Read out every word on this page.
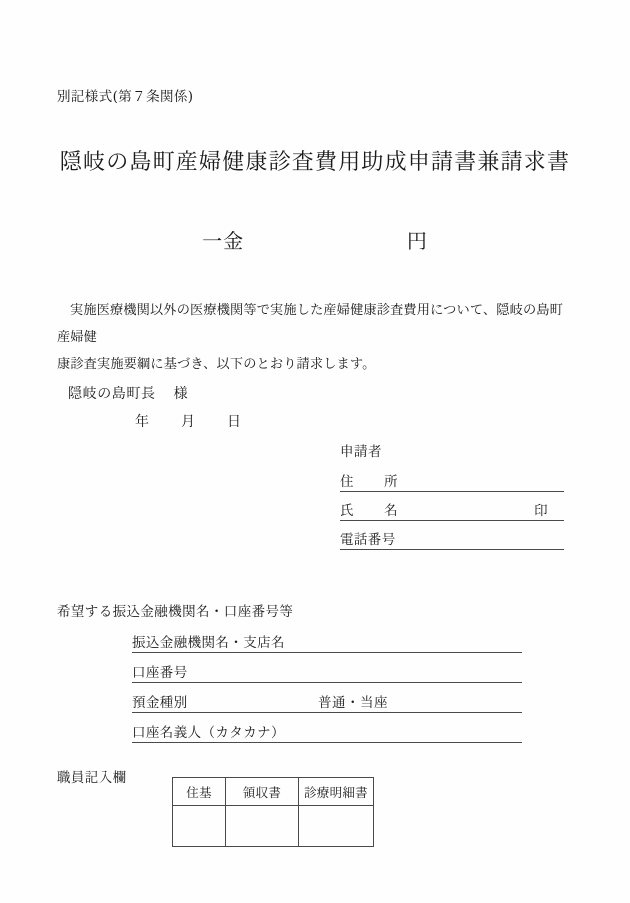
別記様式(第７条関係)
隠岐の島町産婦健康診査費用助成申請書兼請求書
一金	円
実施医療機関以外の医療機関等で実施した産婦健康診査費用について、隠岐の島町産婦健
康診査実施要綱に基づき、以下のとおり請求します。
隠岐の島町長 様
年 月 日
申請者
住　所
氏　名	印
電話番号
希望する振込金融機関名・口座番号等
振込金融機関名・支店名
口座番号
預金種別	普通・当座
口座名義人（カタカナ）
職員記入欄
住基	領収書	診療明細書
